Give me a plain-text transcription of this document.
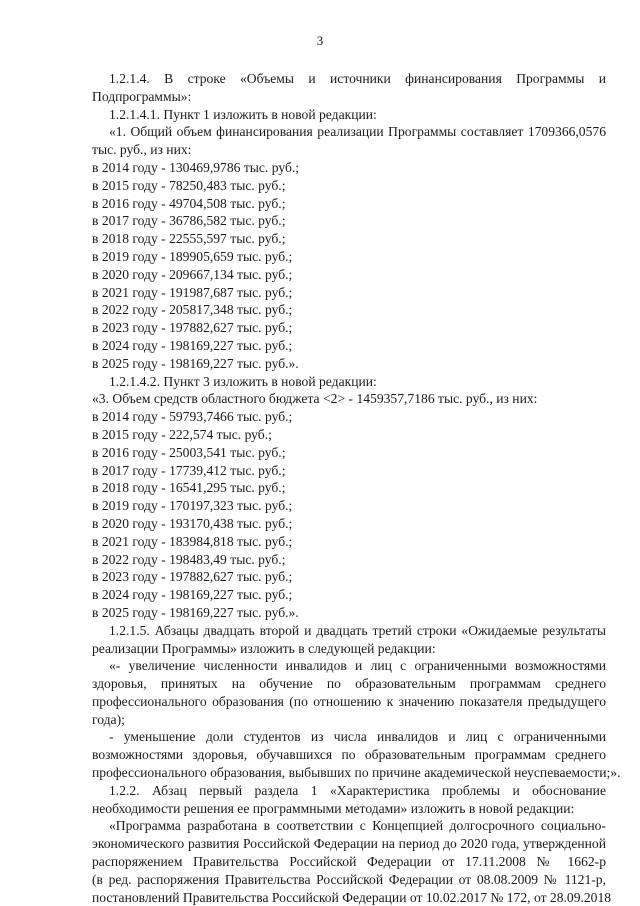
3

1.2.1.4. В строке «Объемы и источники финансирования Программы и

Подпрограммы»:

1.2.1.4.1. Пункт 1 изложить в новой редакции:

«1. Общий объем финансирования реализации Программы составляет 1709366,0576

тыс. руб., из них:

в 2014 году - 130469,9786 тыс. руб.;

в 2015 году - 78250,483 тыс. руб.;

в 2016 году - 49704,508 тыс. руб.;

в 2017 году - 36786,582 тыс. руб.;

в 2018 году - 22555,597 тыс. руб.;

в 2019 году - 189905,659 тыс. руб.;

в 2020 году - 209667,134 тыс. руб.;

в 2021 году - 191987,687 тыс. руб.;

в 2022 году - 205817,348 тыс. руб.;

в 2023 году - 197882,627 тыс. руб.;

в 2024 году - 198169,227 тыс. руб.;

в 2025 году - 198169,227 тыс. руб.».

1.2.1.4.2. Пункт 3 изложить в новой редакции:

«3. Объем средств областного бюджета <2> - 1459357,7186 тыс. руб., из них:

в 2014 году - 59793,7466 тыс. руб.;

в 2015 году - 222,574 тыс. руб.;

в 2016 году - 25003,541 тыс. руб.;

в 2017 году - 17739,412 тыс. руб.;

в 2018 году - 16541,295 тыс. руб.;

в 2019 году - 170197,323 тыс. руб.;

в 2020 году - 193170,438 тыс. руб.;

в 2021 году - 183984,818 тыс. руб.;

в 2022 году - 198483,49 тыс. руб.;

в 2023 году - 197882,627 тыс. руб.;

в 2024 году - 198169,227 тыс. руб.;

в 2025 году - 198169,227 тыс. руб.».

1.2.1.5. Абзацы двадцать второй и двадцать третий строки «Ожидаемые результаты

реализации Программы» изложить в следующей редакции:

«- увеличение численности инвалидов и лиц с ограниченными возможностями

здоровья, принятых на обучение по образовательным программам среднего

профессионального образования (по отношению к значению показателя предыдущего

года);

- уменьшение доли студентов из числа инвалидов и лиц с ограниченными

возможностями здоровья, обучавшихся по образовательным программам среднего

профессионального образования, выбывших по причине академической неуспеваемости;».

1.2.2. Абзац первый раздела 1 «Характеристика проблемы и обоснование

необходимости решения ее программными методами» изложить в новой редакции:

«Программа разработана в соответствии с Концепцией долгосрочного социально-

экономического развития Российской Федерации на период до 2020 года, утвержденной

распоряжением Правительства Российской Федерации от 17.11.2008 № 1662-р

(в ред. распоряжения Правительства Российской Федерации от 08.08.2009 № 1121-р,

постановлений Правительства Российской Федерации от 10.02.2017 № 172, от 28.09.2018
